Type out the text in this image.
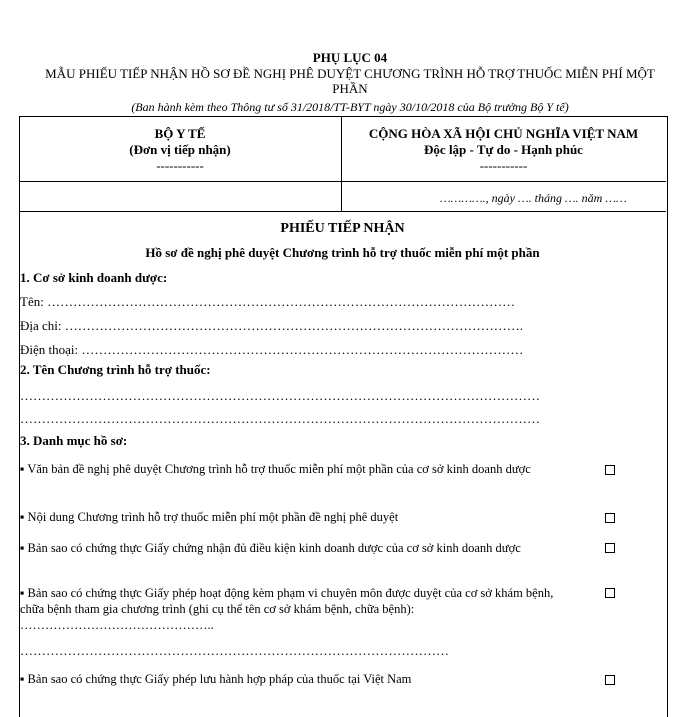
PHỤ LỤC 04
MẪU PHIẾU TIẾP NHẬN HỒ SƠ ĐỀ NGHỊ PHÊ DUYỆT CHƯƠNG TRÌNH HỖ TRỢ THUỐC MIỄN PHÍ MỘT PHẦN
(Ban hành kèm theo Thông tư số 31/2018/TT-BYT ngày 30/10/2018 của Bộ trưởng Bộ Y tế)
BỘ Y TẾ
(Đơn vị tiếp nhận)
-----------
CỘNG HÒA XÃ HỘI CHỦ NGHĨA VIỆT NAM
Độc lập - Tự do - Hạnh phúc
-----------
…………., ngày …. tháng …. năm ……
PHIẾU TIẾP NHẬN
Hồ sơ đề nghị phê duyệt Chương trình hỗ trợ thuốc miễn phí một phần
1. Cơ sở kinh doanh dược:
Tên: ………………………………………………………………………………………………
Địa chỉ: …………………………………………………………………………………………….
Điện thoại: …………………………………………………………………………………………
2. Tên Chương trình hỗ trợ thuốc:
…………………………………………………………………………………………………………
…………………………………………………………………………………………………………
3. Danh mục hồ sơ:
▪ Văn bản đề nghị phê duyệt Chương trình hỗ trợ thuốc miễn phí một phần của cơ sở kinh doanh dược
▪ Nội dung Chương trình hỗ trợ thuốc miễn phí một phần đề nghị phê duyệt
▪ Bản sao có chứng thực Giấy chứng nhận đủ điều kiện kinh doanh dược của cơ sở kinh doanh dược
▪ Bản sao có chứng thực Giấy phép hoạt động kèm phạm vi chuyên môn được duyệt của cơ sở khám bệnh, chữa bệnh tham gia chương trình (ghi cụ thể tên cơ sở khám bệnh, chữa bệnh): ………………………………………..
………………………………………………………………………………………
▪ Bản sao có chứng thực Giấy phép lưu hành hợp pháp của thuốc tại Việt Nam
